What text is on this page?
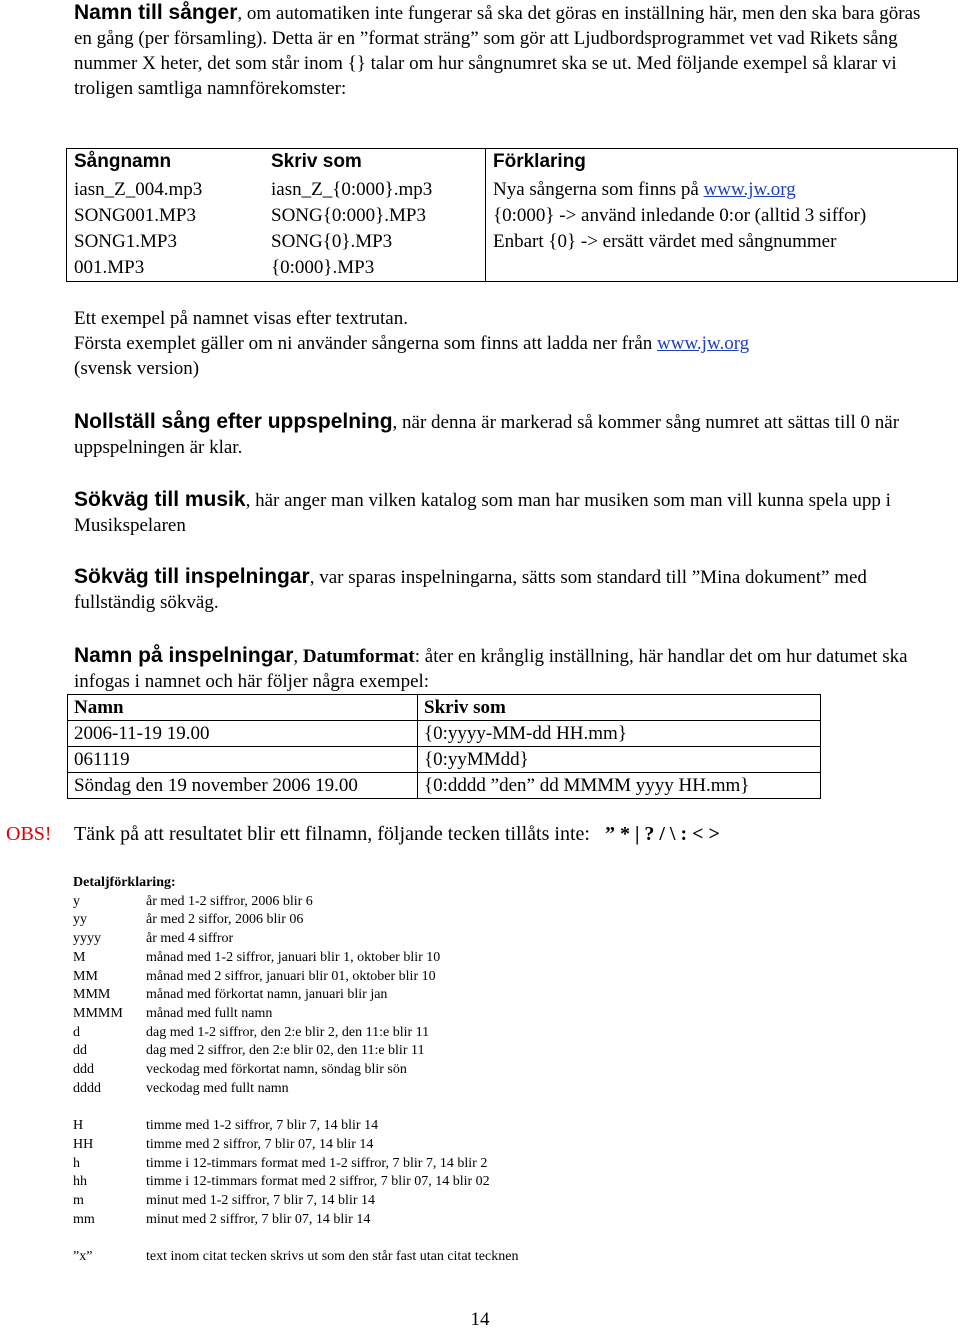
Namn till sånger, om automatiken inte fungerar så ska det göras en inställning här, men den ska bara göras en gång (per församling). Detta är en ”format sträng” som gör att Ljudbordsprogrammet vet vad Rikets sång nummer X heter, det som står inom {} talar om hur sångnumret ska se ut. Med följande exempel så klarar vi troligen samtliga namnförekomster:
Sångnamn	Skriv som	Förklaring
iasn_Z_004.mp3	iasn_Z_{0:000}.mp3	Nya sångerna som finns på www.jw.org
SONG001.MP3	SONG{0:000}.MP3	{0:000} -> använd inledande 0:or (alltid 3 siffor)
SONG1.MP3	SONG{0}.MP3	Enbart {0} -> ersätt värdet med sångnummer
001.MP3	{0:000}.MP3	
Ett exempel på namnet visas efter textrutan.
Första exemplet gäller om ni använder sångerna som finns att ladda ner från www.jw.org
(svensk version)
Nollställ sång efter uppspelning, när denna är markerad så kommer sång numret att sättas till 0 när uppspelningen är klar.
Sökväg till musik, här anger man vilken katalog som man har musiken som man vill kunna spela upp i Musikspelaren
Sökväg till inspelningar, var sparas inspelningarna, sätts som standard till ”Mina dokument” med fullständig sökväg.
Namn på inspelningar, Datumformat: åter en krånglig inställning, här handlar det om hur datumet ska infogas i namnet och här följer några exempel:
Namn	Skriv som
2006-11-19 19.00	{0:yyyy-MM-dd HH.mm}
061119	{0:yyMMdd}
Söndag den 19 november 2006 19.00	{0:dddd ”den” dd MMMM yyyy HH.mm}
OBS! Tänk på att resultatet blir ett filnamn, följande tecken tillåts inte: ” * | ? / \ : < >
Detaljförklaring:	
y	år med 1-2 siffror, 2006 blir 6
yy	år med 2 siffor, 2006 blir 06
yyyy	år med 4 siffror
M	månad med 1-2 siffror, januari blir 1, oktober blir 10
MM	månad med 2 siffror, januari blir 01, oktober blir 10
MMM	månad med förkortat namn, januari blir jan
MMMM	månad med fullt namn
d	dag med 1-2 siffror, den 2:e blir 2, den 11:e blir 11
dd	dag med 2 siffror, den 2:e blir 02, den 11:e blir 11
ddd	veckodag med förkortat namn, söndag blir sön
dddd	veckodag med fullt namn

H	timme med 1-2 siffror, 7 blir 7, 14 blir 14
HH	timme med 2 siffror, 7 blir 07, 14 blir 14
h	timme i 12-timmars format med 1-2 siffror, 7 blir 7, 14 blir 2
hh	timme i 12-timmars format med 2 siffror, 7 blir 07, 14 blir 02
m	minut med 1-2 siffror, 7 blir 7, 14 blir 14
mm	minut med 2 siffror, 7 blir 07, 14 blir 14

”x”	text inom citat tecken skrivs ut som den står fast utan citat tecknen
14
